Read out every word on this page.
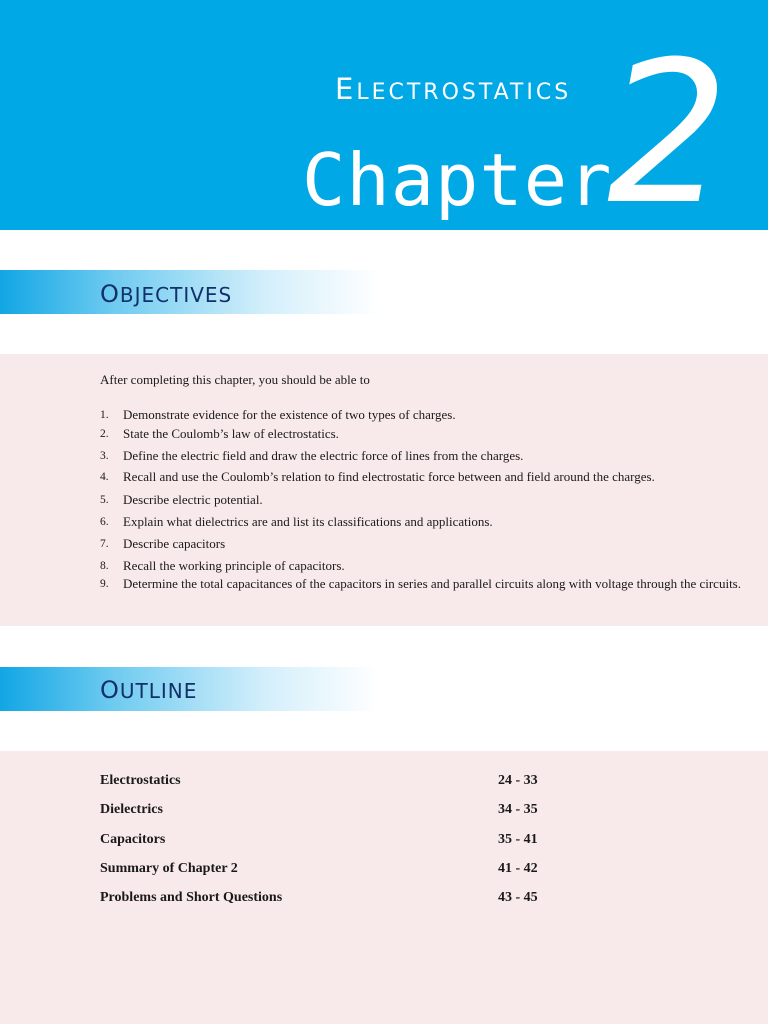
ELECTROSTATICS
Chapter
2
OBJECTIVES
After completing this chapter, you should be able to
1. Demonstrate evidence for the existence of two types of charges.
2. State the Coulomb’s law of electrostatics.
3. Define the electric field and draw the electric force of lines from the charges.
4. Recall and use the Coulomb’s relation to find electrostatic force between and field around the charges.
5. Describe electric potential.
6. Explain what dielectrics are and list its classifications and applications.
7. Describe capacitors
8. Recall the working principle of capacitors.
9. Determine the total capacitances of the capacitors in series and parallel circuits along with voltage through the circuits.
OUTLINE
Electrostatics	24 - 33
Dielectrics	34 - 35
Capacitors	35 - 41
Summary of Chapter 2	41 - 42
Problems and Short Questions	43 - 45
